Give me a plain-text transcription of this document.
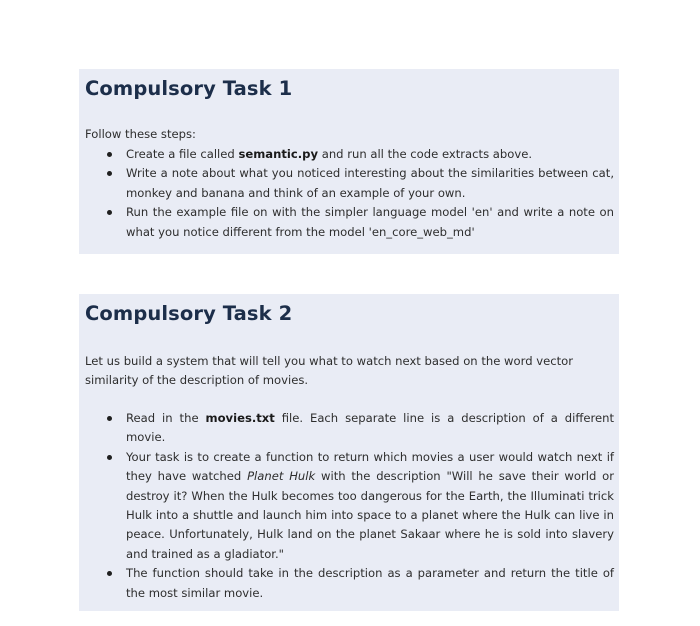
Compulsory Task 1

Follow these steps:

Create a file called semantic.py and run all the code extracts above.
Write a note about what you noticed interesting about the similarities between cat, monkey and banana and think of an example of your own.
Run the example file on with the simpler language model 'en' and write a note on what you notice different from the model 'en_core_web_md'
Compulsory Task 2

Let us build a system that will tell you what to watch next based on the word vector similarity of the description of movies.

Read in the movies.txt file. Each separate line is a description of a different movie.
Your task is to create a function to return which movies a user would watch next if they have watched Planet Hulk with the description "Will he save their world or destroy it? When the Hulk becomes too dangerous for the Earth, the Illuminati trick Hulk into a shuttle and launch him into space to a planet where the Hulk can live in peace. Unfortunately, Hulk land on the planet Sakaar where he is sold into slavery and trained as a gladiator."
The function should take in the description as a parameter and return the title of the most similar movie.
